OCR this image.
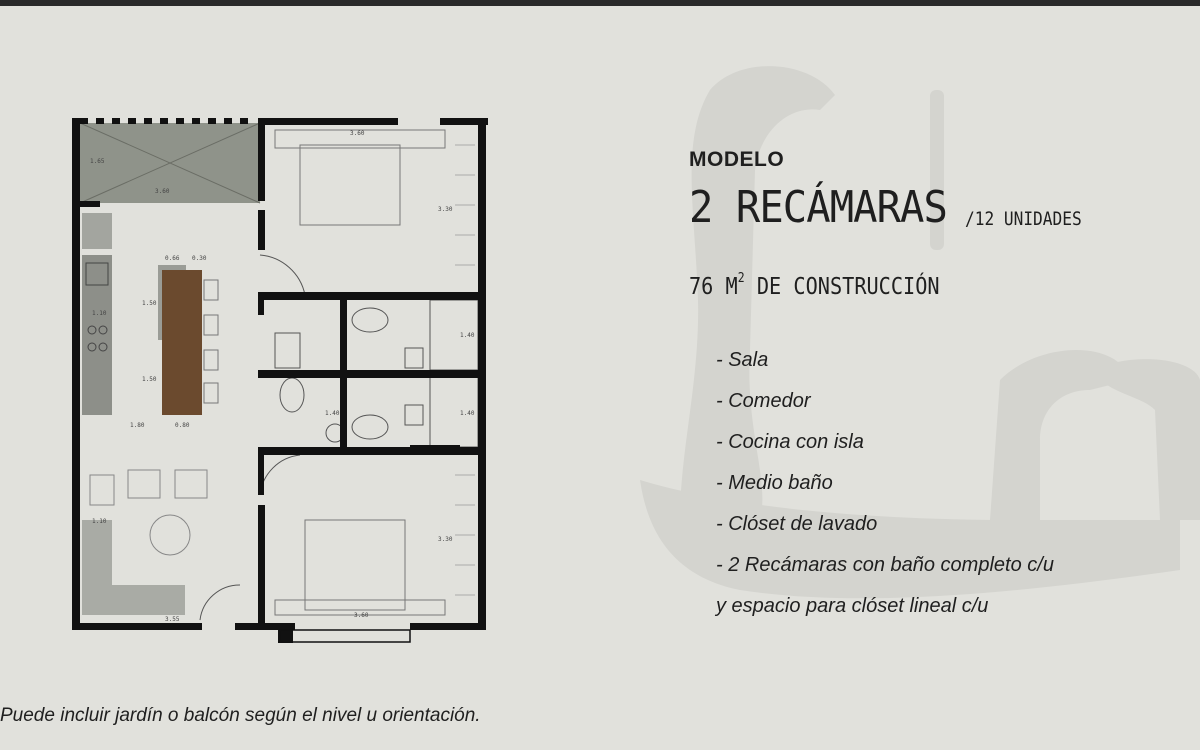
3.60
1.65
3.60
3.30
1.10
1.50
1.50
1.80	0.80
0.66 0.30
1.40
1.40
1.40
3.30
3.60
3.55
1.10
MODELO
2 RECÁMARAS /12 UNIDADES
76 $M^2$ DE CONSTRUCCIÓN
- Sala
- Comedor
- Cocina con isla
- Medio baño
- Clóset de lavado
- 2 Recámaras con baño completo c/u
y espacio para clóset lineal c/u
Puede incluir jardín o balcón según el nivel u orientación.
